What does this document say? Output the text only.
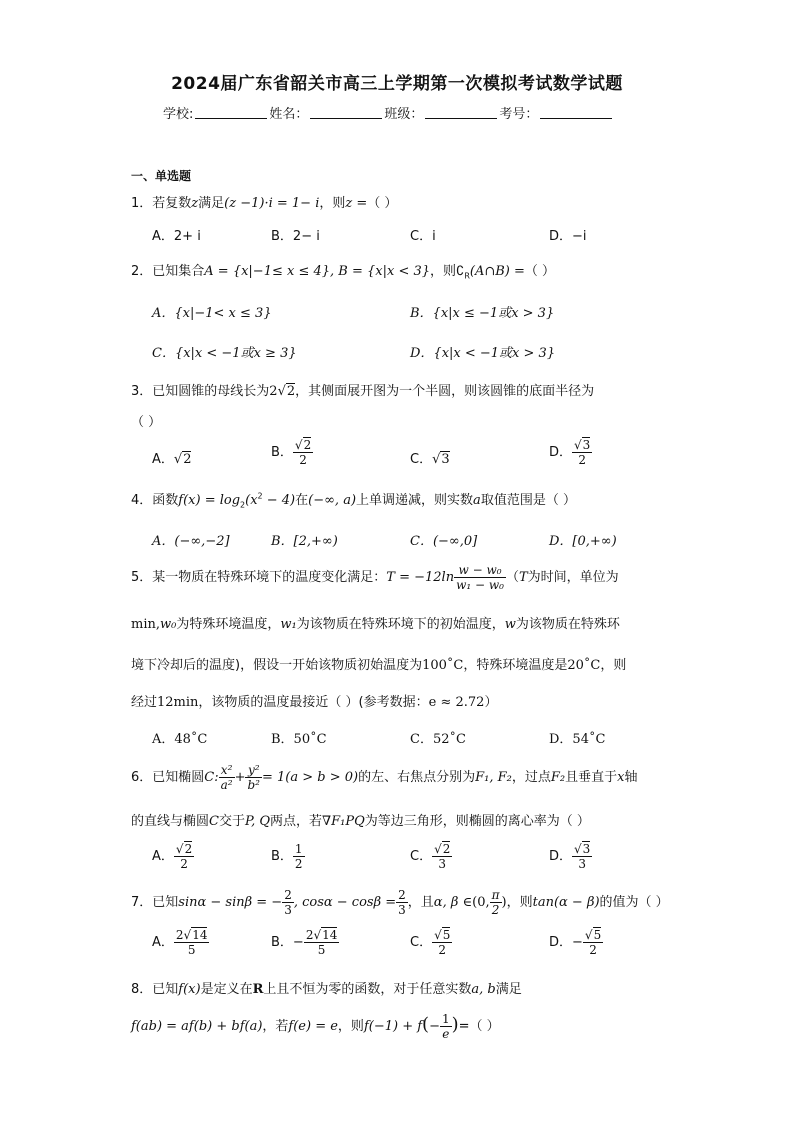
2024届广东省韶关市高三上学期第一次模拟考试数学试题
学校:	姓名：	班级：	考号：
一、单选题
1．若复数z满足(z −1)·i = 1− i，则z =（ ）
A．2+ i	B．2− i	C．i	D．−i
2．已知集合A = {x|−1≤ x ≤ 4}, B = {x|x < 3}，则$∁_R(A\cap B)$ =（ ）
A．{x|−1< x ≤ 3}	B．{x|x ≤ −1或x > 3}
C．{x|x < −1或x ≥ 3}	D．{x|x < −1或x > 3}
3．已知圆锥的母线长为2√2，其侧面展开图为一个半圆，则该圆锥的底面半径为
（ ）
A．√2	B． $\frac{√2}{2}$	C．√3	D． $\frac{√3}{2}$
4．函数$f(x) = \log_2(x^2 - 4)$在(−∞, a)上单调递减，则实数a取值范围是（ ）
A．(−∞,−2]	B．[2,+∞)	C．(−∞,0]	D．[0,+∞)
5．某一物质在特殊环境下的温度变化满足：$T = -12\ln \frac{\text{w − w₀}}{\text{w₁ − w₀}} (T$为时间，单位为
min,w₀为特殊环境温度，w₁为该物质在特殊环境下的初始温度，w为该物质在特殊环
境下冷却后的温度)，假设一开始该物质初始温度为100˚C，特殊环境温度是20˚C，则
经过12min，该物质的温度最接近（ ）(参考数据：e ≈ 2.72）
A．48˚C	B．50˚C	C．52˚C	D．54˚C
6．已知椭圆C: $\frac{\text{x²}}{\text{a²}} + \frac{\text{y²}}{\text{b²}} = 1(a > b > 0)$的左、右焦点分别为F₁, F₂，过点F₂且垂直于x轴
的直线与椭圆C交于P, Q两点，若∇F₁PQ为等边三角形，则椭圆的离心率为（ ）
A． $\frac{√2}{2}$	B． $\frac{1}{2}$	C． $\frac{√2}{3}$	D． $\frac{√3}{3}$
7．已知sinα − sinβ = − $\frac{2}{3}$ , $\cos\alpha - \cos\beta = \frac{2}{3}$ ，且α, β ∈(0, $\frac{\pi}{2}$ )，则tan(α − β)的值为（ ）
A． $\frac{2√14}{5}$	B．− $\frac{2√14}{5}$	C． $\frac{√5}{2}$	D．− $\frac{√5}{2}$
8．已知f(x)是定义在R上且不恒为零的函数，对于任意实数a, b满足
f(ab) = af(b) + bf(a)，若f(e) = e，则$f(-1) + f(- \frac{1}{e}$ )=（ ）
